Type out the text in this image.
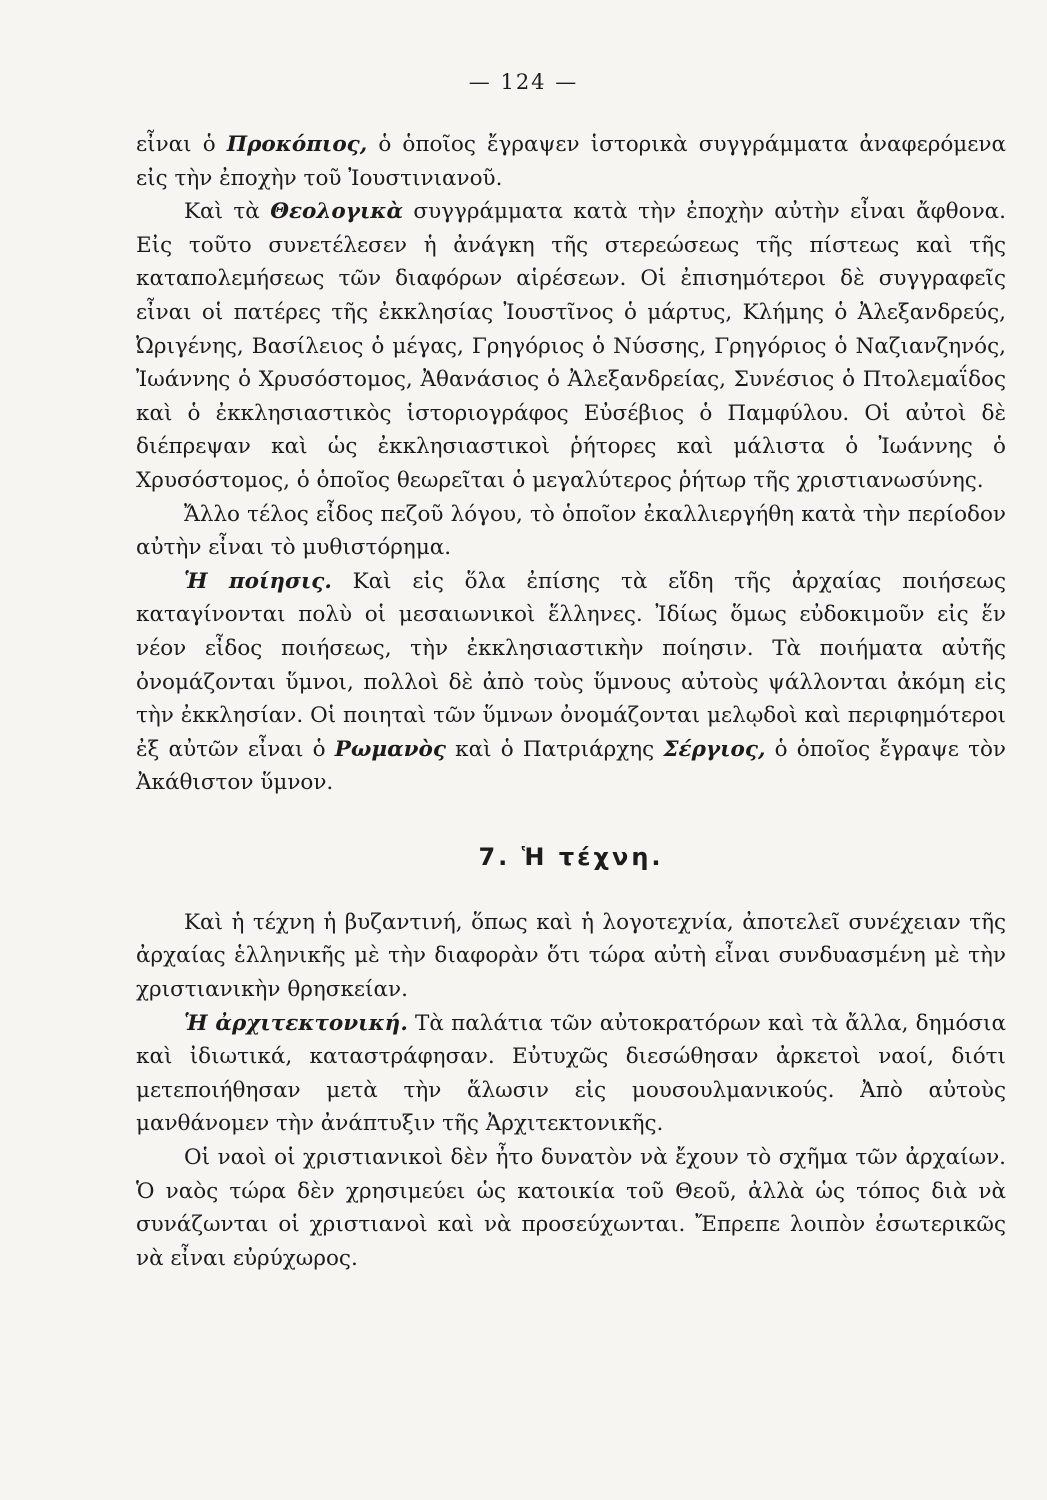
— 124 —

εἶναι ὁ Προκόπιος, ὁ ὁποῖος ἔγραψεν ἱστορικὰ συγγράμματα ἀναφερόμενα εἰς τὴν ἐποχὴν τοῦ Ἰουστινιανοῦ.

Καὶ τὰ Θεολογικὰ συγγράμματα κατὰ τὴν ἐποχὴν αὐτὴν εἶναι ἄφθονα. Εἰς τοῦτο συνετέλεσεν ἡ ἀνάγκη τῆς στερεώσεως τῆς πίστεως καὶ τῆς καταπολεμήσεως τῶν διαφόρων αἱρέσεων. Οἱ ἐπισημότεροι δὲ συγγραφεῖς εἶναι οἱ πατέρες τῆς ἐκκλησίας Ἰουστῖνος ὁ μάρτυς, Κλήμης ὁ Ἀλεξανδρεύς, Ὠριγένης, Βασίλειος ὁ μέγας, Γρηγόριος ὁ Νύσσης, Γρηγόριος ὁ Ναζιανζηνός, Ἰωάννης ὁ Χρυσόστομος, Ἀθανάσιος ὁ Ἀλεξανδρείας, Συνέσιος ὁ Πτολεμαΐδος καὶ ὁ ἐκκλησιαστικὸς ἱστοριογράφος Εὐσέβιος ὁ Παμφύλου. Οἱ αὐτοὶ δὲ διέπρεψαν καὶ ὡς ἐκκλησιαστικοὶ ῥήτορες καὶ μάλιστα ὁ Ἰωάννης ὁ Χρυσόστομος, ὁ ὁποῖος θεωρεῖται ὁ μεγαλύτερος ῥήτωρ τῆς χριστιανωσύνης.

Ἄλλο τέλος εἶδος πεζοῦ λόγου, τὸ ὁποῖον ἐκαλλιεργήθη κατὰ τὴν περίοδον αὐτὴν εἶναι τὸ μυθιστόρημα.

Ἡ ποίησις. Καὶ εἰς ὅλα ἐπίσης τὰ εἴδη τῆς ἀρχαίας ποιήσεως καταγίνονται πολὺ οἱ μεσαιωνικοὶ ἕλληνες. Ἰδίως ὅμως εὐδοκιμοῦν εἰς ἕν νέον εἶδος ποιήσεως, τὴν ἐκκλησιαστικὴν ποίησιν. Τὰ ποιήματα αὐτῆς ὀνομάζονται ὕμνοι, πολλοὶ δὲ ἀπὸ τοὺς ὕμνους αὐτοὺς ψάλλονται ἀκόμη εἰς τὴν ἐκκλησίαν. Οἱ ποιηταὶ τῶν ὕμνων ὀνομάζονται μελῳδοὶ καὶ περιφημότεροι ἐξ αὐτῶν εἶναι ὁ Ρωμανὸς καὶ ὁ Πατριάρχης Σέργιος, ὁ ὁποῖος ἔγραψε τὸν Ἀκάθιστον ὕμνον.

7. Ἡ τέχνη.

Καὶ ἡ τέχνη ἡ βυζαντινή, ὅπως καὶ ἡ λογοτεχνία, ἀποτελεῖ συνέχειαν τῆς ἀρχαίας ἑλληνικῆς μὲ τὴν διαφορὰν ὅτι τώρα αὐτὴ εἶναι συνδυασμένη μὲ τὴν χριστιανικὴν θρησκείαν.

Ἡ ἀρχιτεκτονική. Τὰ παλάτια τῶν αὐτοκρατόρων καὶ τὰ ἄλλα, δημόσια καὶ ἰδιωτικά, καταστράφησαν. Εὐτυχῶς διεσώθησαν ἀρκετοὶ ναοί, διότι μετεποιήθησαν μετὰ τὴν ἅλωσιν εἰς μουσουλμανικούς. Ἀπὸ αὐτοὺς μανθάνομεν τὴν ἀνάπτυξιν τῆς Ἀρχιτεκτονικῆς.

Οἱ ναοὶ οἱ χριστιανικοὶ δὲν ἦτο δυνατὸν νὰ ἔχουν τὸ σχῆμα τῶν ἀρχαίων. Ὁ ναὸς τώρα δὲν χρησιμεύει ὡς κατοικία τοῦ Θεοῦ, ἀλλὰ ὡς τόπος διὰ νὰ συνάζωνται οἱ χριστιανοὶ καὶ νὰ προσεύχωνται. Ἔπρεπε λοιπὸν ἐσωτερικῶς νὰ εἶναι εὐρύχωρος.
